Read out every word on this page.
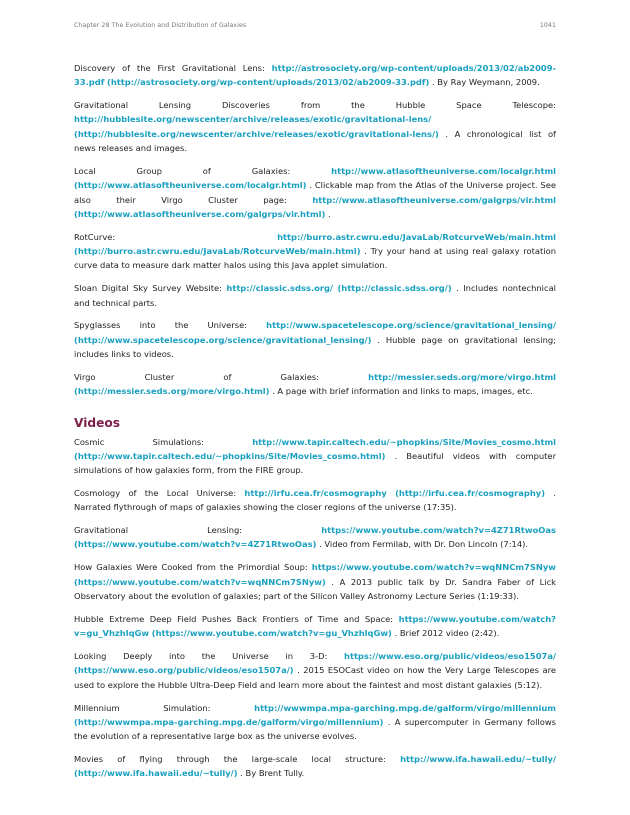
Chapter 28 The Evolution and Distribution of Galaxies	1041

Discovery of the First Gravitational Lens: http://astrosociety.org/wp-content/uploads/2013/02/ab2009-33.pdf (http://astrosociety.org/wp-content/uploads/2013/02/ab2009-33.pdf) . By Ray Weymann, 2009.

Gravitational Lensing Discoveries from the Hubble Space Telescope: http://hubblesite.org/newscenter/archive/releases/exotic/gravitational-lens/ (http://hubblesite.org/newscenter/archive/releases/exotic/gravitational-lens/) . A chronological list of news releases and images.

Local Group of Galaxies: http://www.atlasoftheuniverse.com/localgr.html (http://www.atlasoftheuniverse.com/localgr.html) . Clickable map from the Atlas of the Universe project. See also their Virgo Cluster page: http://www.atlasoftheuniverse.com/galgrps/vir.html (http://www.atlasoftheuniverse.com/galgrps/vir.html) .

RotCurve: http://burro.astr.cwru.edu/JavaLab/RotcurveWeb/main.html (http://burro.astr.cwru.edu/JavaLab/RotcurveWeb/main.html) . Try your hand at using real galaxy rotation curve data to measure dark matter halos using this Java applet simulation.

Sloan Digital Sky Survey Website: http://classic.sdss.org/ (http://classic.sdss.org/) . Includes nontechnical and technical parts.

Spyglasses into the Universe: http://www.spacetelescope.org/science/gravitational_lensing/ (http://www.spacetelescope.org/science/gravitational_lensing/) . Hubble page on gravitational lensing; includes links to videos.

Virgo Cluster of Galaxies: http://messier.seds.org/more/virgo.html (http://messier.seds.org/more/virgo.html) . A page with brief information and links to maps, images, etc.

Videos

Cosmic Simulations: http://www.tapir.caltech.edu/~phopkins/Site/Movies_cosmo.html (http://www.tapir.caltech.edu/~phopkins/Site/Movies_cosmo.html) . Beautiful videos with computer simulations of how galaxies form, from the FIRE group.

Cosmology of the Local Universe: http://irfu.cea.fr/cosmography (http://irfu.cea.fr/cosmography) . Narrated flythrough of maps of galaxies showing the closer regions of the universe (17:35).

Gravitational Lensing: https://www.youtube.com/watch?v=4Z71RtwoOas (https://www.youtube.com/watch?v=4Z71RtwoOas) . Video from Fermilab, with Dr. Don Lincoln (7:14).

How Galaxies Were Cooked from the Primordial Soup: https://www.youtube.com/watch?v=wqNNCm7SNyw (https://www.youtube.com/watch?v=wqNNCm7SNyw) . A 2013 public talk by Dr. Sandra Faber of Lick Observatory about the evolution of galaxies; part of the Silicon Valley Astronomy Lecture Series (1:19:33).

Hubble Extreme Deep Field Pushes Back Frontiers of Time and Space: https://www.youtube.com/watch?v=gu_VhzhlqGw (https://www.youtube.com/watch?v=gu_VhzhlqGw) . Brief 2012 video (2:42).

Looking Deeply into the Universe in 3-D: https://www.eso.org/public/videos/eso1507a/ (https://www.eso.org/public/videos/eso1507a/) . 2015 ESOCast video on how the Very Large Telescopes are used to explore the Hubble Ultra-Deep Field and learn more about the faintest and most distant galaxies (5:12).

Millennium Simulation: http://wwwmpa.mpa-garching.mpg.de/galform/virgo/millennium (http://wwwmpa.mpa-garching.mpg.de/galform/virgo/millennium) . A supercomputer in Germany follows the evolution of a representative large box as the universe evolves.

Movies of flying through the large-scale local structure: http://www.ifa.hawaii.edu/~tully/ (http://www.ifa.hawaii.edu/~tully/) . By Brent Tully.
